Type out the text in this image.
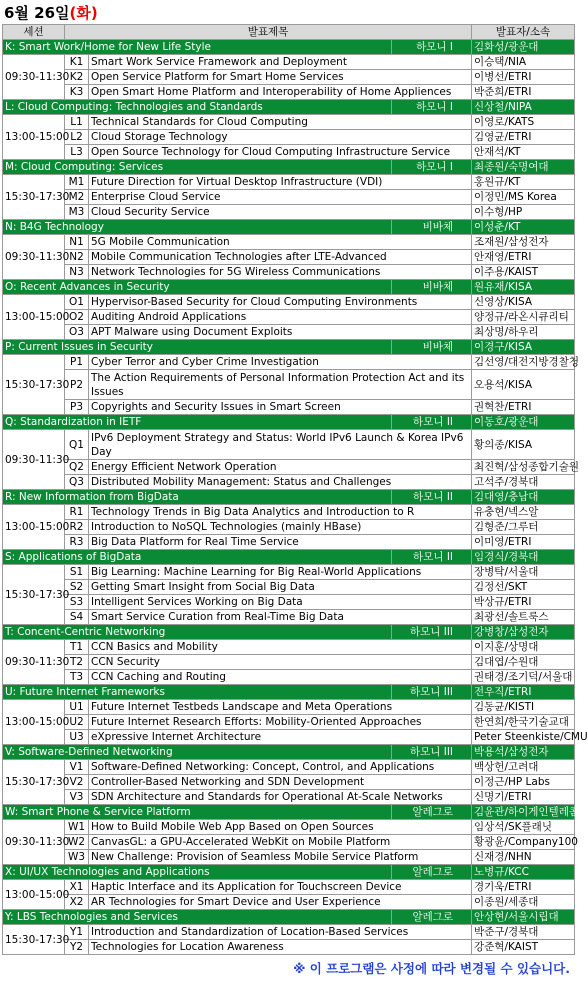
6월 26일(화)
세션	발표제목			발표자/소속
K: Smart Work/Home for New Life Style			하모니 I	김화성/광운대
09:30-11:30	K1	Smart Work Service Framework and Deployment		이승택/NIA
	K2	Open Service Platform for Smart Home Services		이병선/ETRI
	K3	Open Smart Home Platform and Interoperability of Home Appliences		박준희/ETRI
L: Cloud Computing: Technologies and Standards			하모니 I	신상철/NIPA
13:00-15:00	L1	Technical Standards for Cloud Computing		이영로/KATS
	L2	Cloud Storage Technology		김영균/ETRI
	L3	Open Source Technology for Cloud Computing Infrastructure Service		안재석/KT
M: Cloud Computing: Services			하모니 I	최종원/숙명여대
15:30-17:30	M1	Future Direction for Virtual Desktop Infrastructure (VDI)		홍원규/KT
	M2	Enterprise Cloud Service		이정민/MS Korea
	M3	Cloud Security Service		이수형/HP
N: B4G Technology			비바체	이성춘/KT
09:30-11:30	N1	5G Mobile Communication		조재원/삼성전자
	N2	Mobile Communication Technologies after LTE-Advanced		안재영/ETRI
	N3	Network Technologies for 5G Wireless Communications		이주용/KAIST
O: Recent Advances in Security			비바체	원유재/KISA
13:00-15:00	O1	Hypervisor-Based Security for Cloud Computing Environments		신영상/KISA
	O2	Auditing Android Applications		양정규/라온시큐리티
	O3	APT Malware using Document Exploits		최상명/하우리
P: Current Issues in Security			비바체	이경구/KISA
15:30-17:30	P1	Cyber Terror and Cyber Crime Investigation		김선영/대전지방경찰청
	P2	The Action Requirements of Personal Information Protection Act and its Issues		오용석/KISA
	P3	Copyrights and Security Issues in Smart Screen		권혁찬/ETRI
Q: Standardization in IETF			하모니 II	이동호/광운대
09:30-11:30	Q1	IPv6 Deployment Strategy and Status: World IPv6 Launch & Korea IPv6 Day		황의종/KISA
	Q2	Energy Efficient Network Operation		최진혁/삼성종합기술원
	Q3	Distributed Mobility Management: Status and Challenges		고석주/경북대
R: New Information from BigData			하모니 II	김대영/충남대
13:00-15:00	R1	Technology Trends in Big Data Analytics and Introduction to R		유충현/넥스알
	R2	Introduction to NoSQL Technologies (mainly HBase)		김형준/그루터
	R3	Big Data Platform for Real Time Service		이미영/ETRI
S: Applications of BigData			하모니 II	임경식/경북대
15:30-17:30	S1	Big Learning: Machine Learning for Big Real-World Applications		장병탁/서울대
	S2	Getting Smart Insight from Social Big Data		김정선/SKT
	S3	Intelligent Services Working on Big Data		박상규/ETRI
	S4	Smart Service Curation from Real-Time Big Data		최광선/솔트룩스
T: Concent-Centric Networking			하모니 III	강병창/삼성전자
09:30-11:30	T1	CCN Basics and Mobility		이지훈/상명대
	T2	CCN Security		김대엽/수원대
	T3	CCN Caching and Routing		권태경/조기덕/서울대
U: Future Internet Frameworks			하모니 III	전우직/ETRI
13:00-15:00	U1	Future Internet Testbeds Landscape and Meta Operations		김동균/KISTI
	U2	Future Internet Research Efforts: Mobility-Oriented Approaches		한연희/한국기술교대
	U3	eXpressive Internet Architecture		Peter Steenkiste/CMU
V: Software-Defined Networking			하모니 III	박용석/삼성전자
15:30-17:30	V1	Software-Defined Networking: Concept, Control, and Applications		백상헌/고려대
	V2	Controller-Based Networking and SDN Development		이정근/HP Labs
	V3	SDN Architecture and Standards for Operational At-Scale Networks		신명기/ETRI
W: Smart Phone & Service Platform			알레그로	김윤관/하이게인텔레콤
09:30-11:30	W1	How to Build Mobile Web App Based on Open Sources		임상석/SK플래닛
	W2	CanvasGL: a GPU-Accelerated WebKit on Mobile Platform		황광윤/Company100
	W3	New Challenge: Provision of Seamless Mobile Service Platform		신재경/NHN
X: UI/UX Technologies and Applications			알레그로	노병규/KCC
13:00-15:00	X1	Haptic Interface and its Application for Touchscreen Device		경기욱/ETRI
	X2	AR Technologies for Smart Device and User Experience		이종원/세종대
Y: LBS Technologies and Services			알레그로	안상현/서울시립대
15:30-17:30	Y1	Introduction and Standardization of Location-Based Services		박준구/경북대
	Y2	Technologies for Location Awareness		강준혁/KAIST
※ 이 프로그램은 사정에 따라 변경될 수 있습니다.
